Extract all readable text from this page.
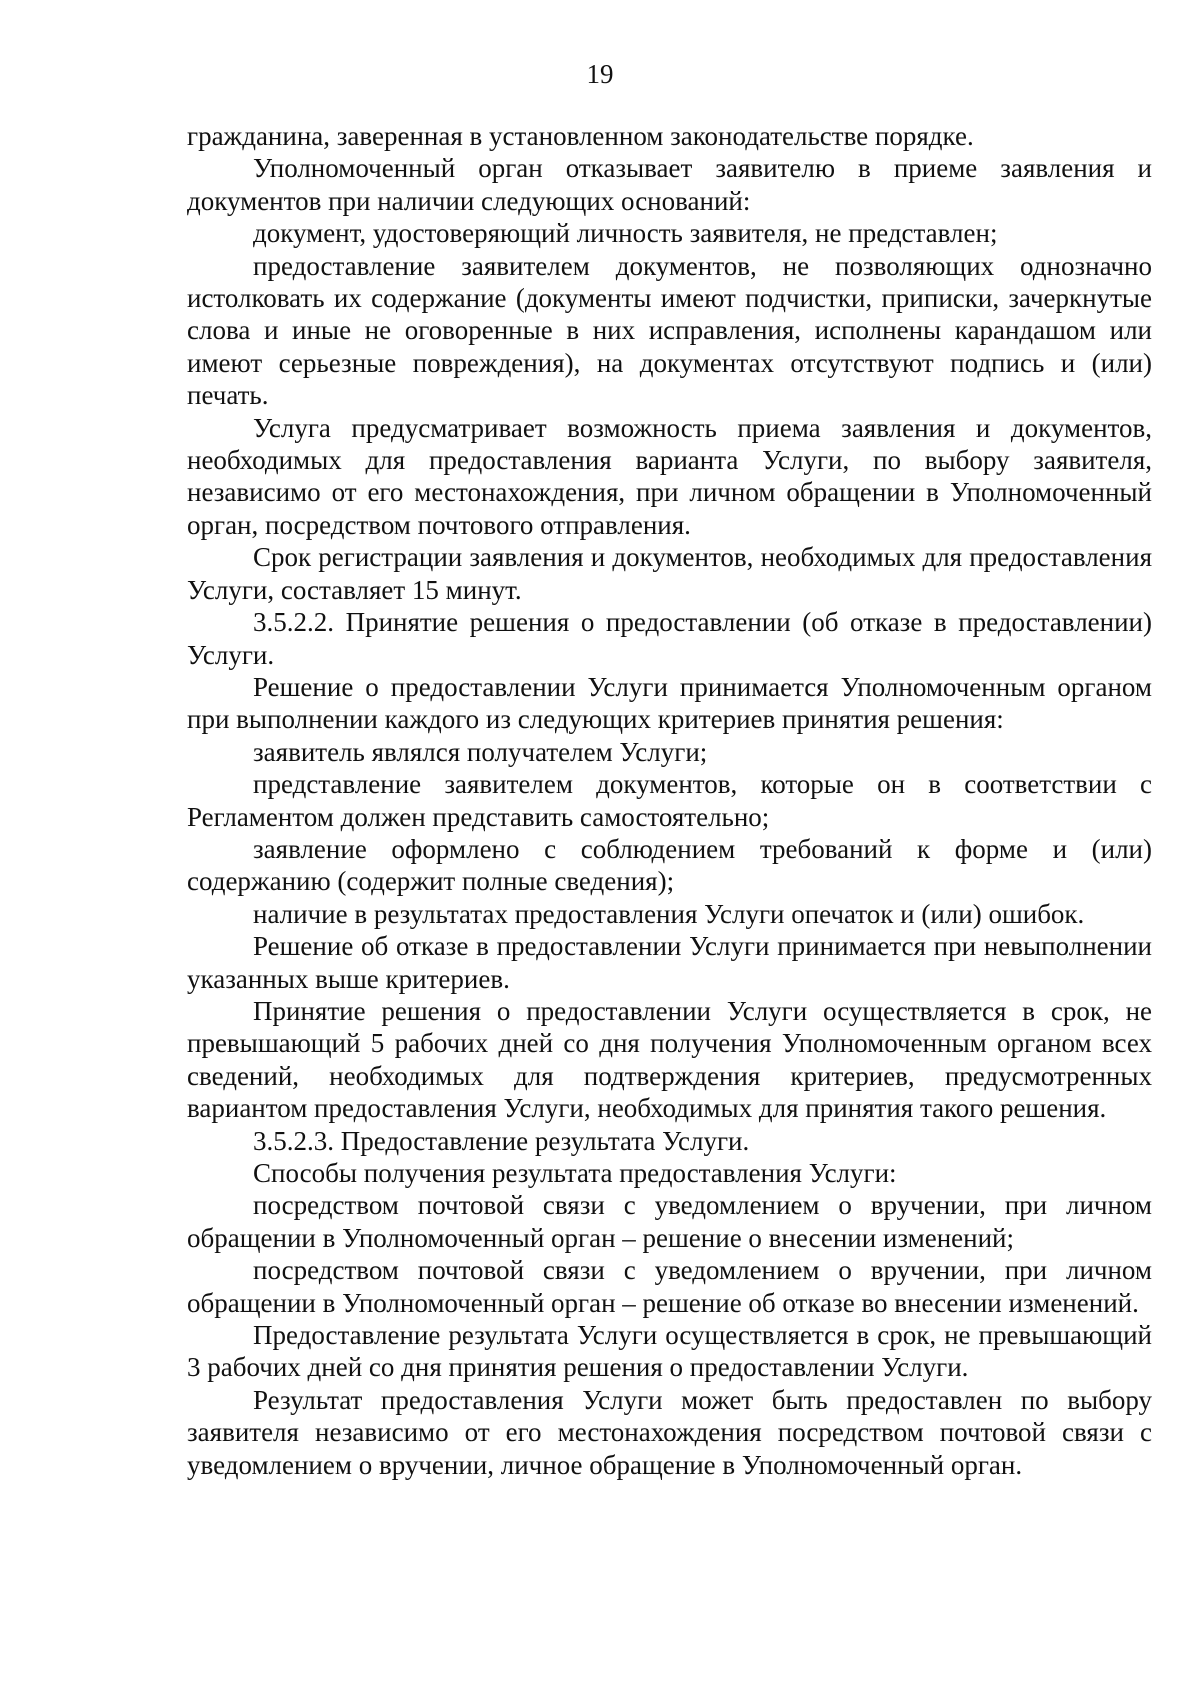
19

гражданина, заверенная в установленном законодательстве порядке.

Уполномоченный орган отказывает заявителю в приеме заявления и документов при наличии следующих оснований:

документ, удостоверяющий личность заявителя, не представлен;

предоставление заявителем документов, не позволяющих однозначно истолковать их содержание (документы имеют подчистки, приписки, зачеркнутые слова и иные не оговоренные в них исправления, исполнены карандашом или имеют серьезные повреждения), на документах отсутствуют подпись и (или) печать.

Услуга предусматривает возможность приема заявления и документов, необходимых для предоставления варианта Услуги, по выбору заявителя, независимо от его местонахождения, при личном обращении в Уполномоченный орган, посредством почтового отправления.

Срок регистрации заявления и документов, необходимых для предоставления Услуги, составляет 15 минут.

3.5.2.2. Принятие решения о предоставлении (об отказе в предоставлении) Услуги.

Решение о предоставлении Услуги принимается Уполномоченным органом при выполнении каждого из следующих критериев принятия решения:

заявитель являлся получателем Услуги;

представление заявителем документов, которые он в соответствии с Регламентом должен представить самостоятельно;

заявление оформлено с соблюдением требований к форме и (или) содержанию (содержит полные сведения);

наличие в результатах предоставления Услуги опечаток и (или) ошибок.

Решение об отказе в предоставлении Услуги принимается при невыполнении указанных выше критериев.

Принятие решения о предоставлении Услуги осуществляется в срок, не превышающий 5 рабочих дней со дня получения Уполномоченным органом всех сведений, необходимых для подтверждения критериев, предусмотренных вариантом предоставления Услуги, необходимых для принятия такого решения.

3.5.2.3. Предоставление результата Услуги.

Способы получения результата предоставления Услуги:

посредством почтовой связи с уведомлением о вручении, при личном обращении в Уполномоченный орган – решение о внесении изменений;

посредством почтовой связи с уведомлением о вручении, при личном обращении в Уполномоченный орган – решение об отказе во внесении изменений.

Предоставление результата Услуги осуществляется в срок, не превышающий 3 рабочих дней со дня принятия решения о предоставлении Услуги.

Результат предоставления Услуги может быть предоставлен по выбору заявителя независимо от его местонахождения посредством почтовой связи с уведомлением о вручении, личное обращение в Уполномоченный орган.
